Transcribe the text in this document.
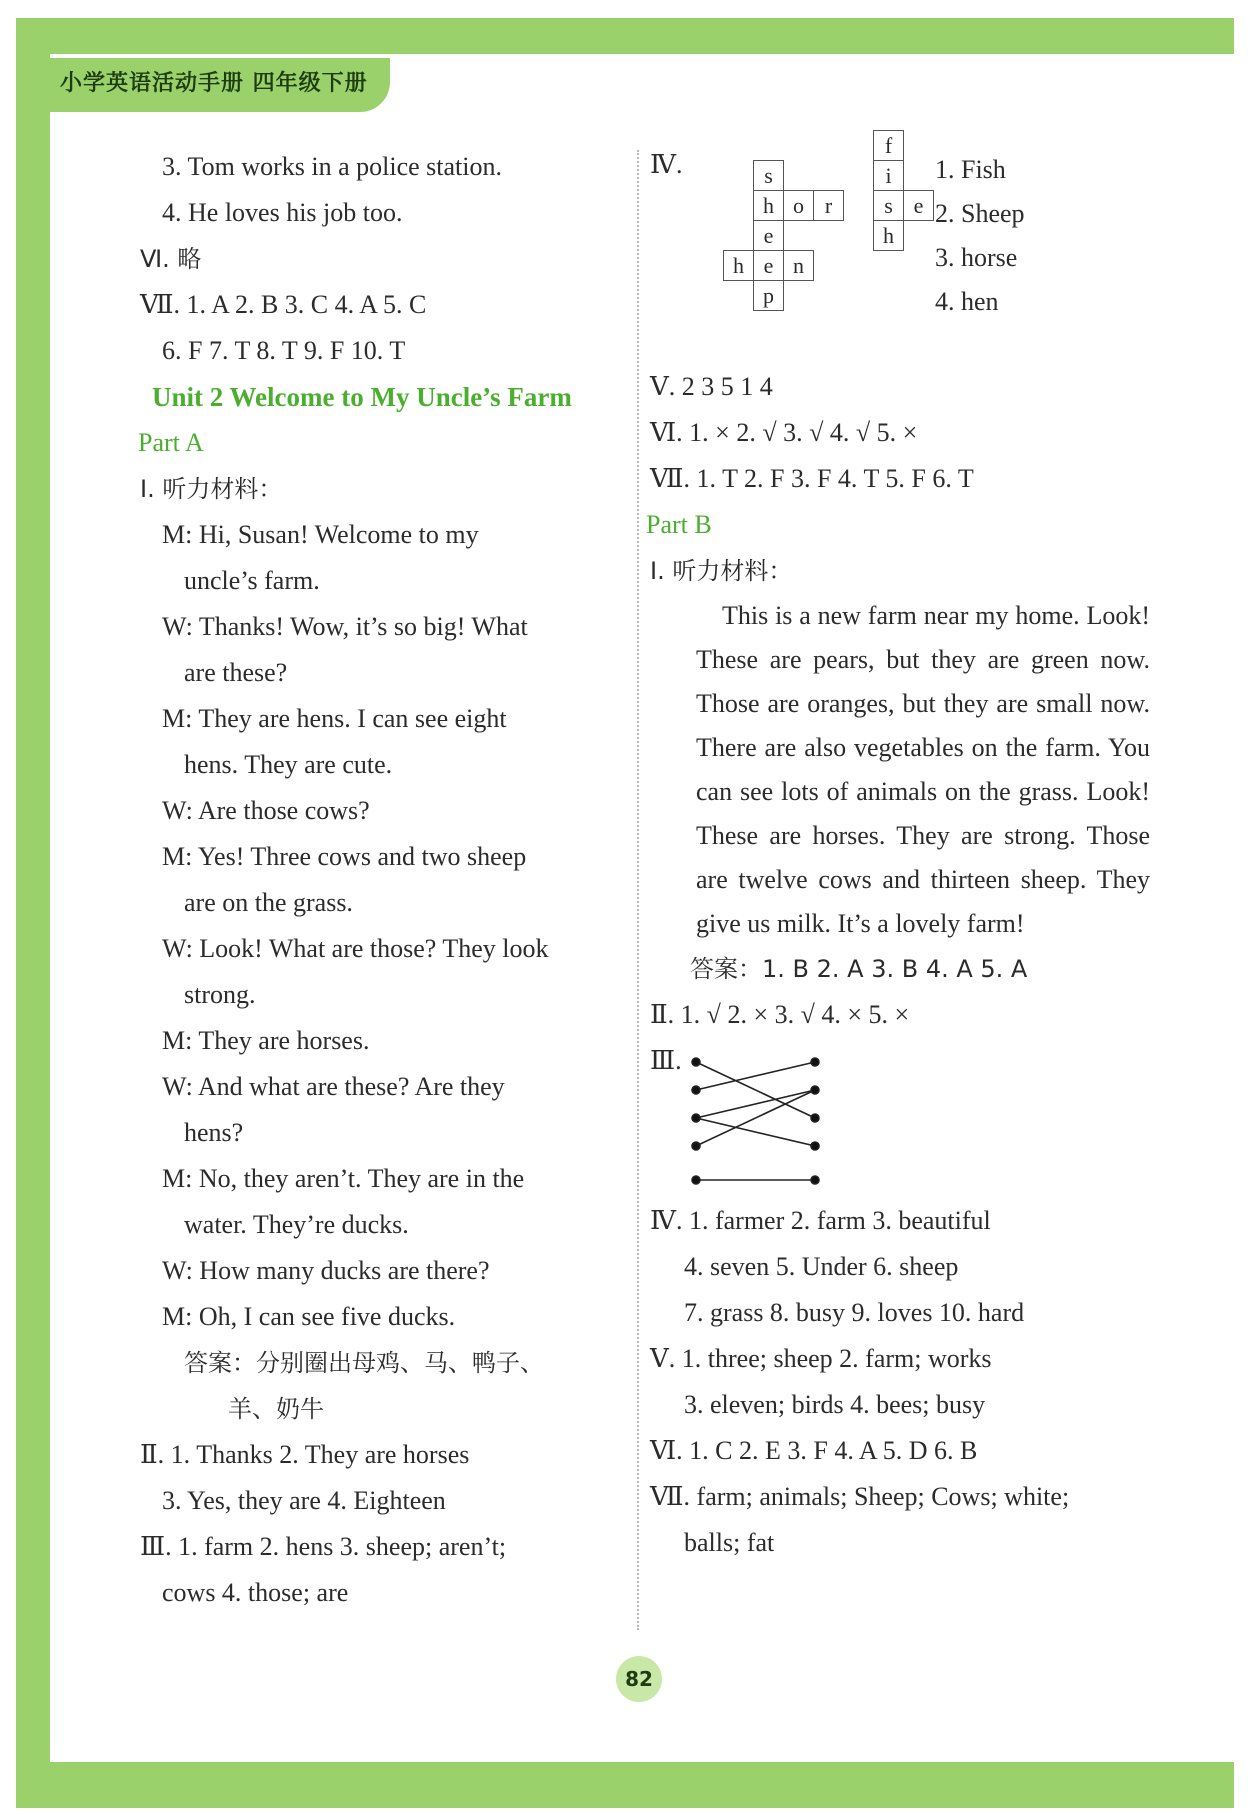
小学英语活动手册 四年级下册
3. Tom works in a police station.
4. He loves his job too.
Ⅵ. 略
Ⅶ. 1. A 2. B 3. C 4. A 5. C
6. F 7. T 8. T 9. F 10. T
Unit 2 Welcome to My Uncle’s Farm
Part A
Ⅰ. 听力材料：
M: Hi, Susan! Welcome to my
uncle’s farm.
W: Thanks! Wow, it’s so big! What
are these?
M: They are hens. I can see eight
hens. They are cute.
W: Are those cows?
M: Yes! Three cows and two sheep
are on the grass.
W: Look! What are those? They look
strong.
M: They are horses.
W: And what are these? Are they
hens?
M: No, they aren’t. They are in the
water. They’re ducks.
W: How many ducks are there?
M: Oh, I can see five ducks.
答案：分别圈出母鸡、马、鸭子、
羊、奶牛
Ⅱ. 1. Thanks 2. They are horses
3. Yes, they are 4. Eighteen
Ⅲ. 1. farm 2. hens 3. sheep; aren’t;
cows 4. those; are
Ⅳ.
f
i
s
h
s
h
e
e
p
o r	e
h	n
1. Fish
2. Sheep
3. horse
4. hen
Ⅴ. 2 3 5 1 4
Ⅵ. 1. × 2. √ 3. √ 4. √ 5. ×
Ⅶ. 1. T 2. F 3. F 4. T 5. F 6. T
Part B
Ⅰ. 听力材料：

This is a new farm near my home. Look! These are pears, but they are green now. Those are oranges, but they are small now. There are also vegetables on the farm. You can see lots of animals on the grass. Look! These are horses. They are strong. Those are twelve cows and thirteen sheep. They give us milk. It’s a lovely farm!

答案：1. B 2. A 3. B 4. A 5. A
Ⅱ. 1. √ 2. × 3. √ 4. × 5. ×
Ⅲ.
Ⅳ. 1. farmer 2. farm 3. beautiful
4. seven 5. Under 6. sheep
7. grass 8. busy 9. loves 10. hard
Ⅴ. 1. three; sheep 2. farm; works
3. eleven; birds 4. bees; busy
Ⅵ. 1. C 2. E 3. F 4. A 5. D 6. B
Ⅶ. farm; animals; Sheep; Cows; white;
balls; fat
82
